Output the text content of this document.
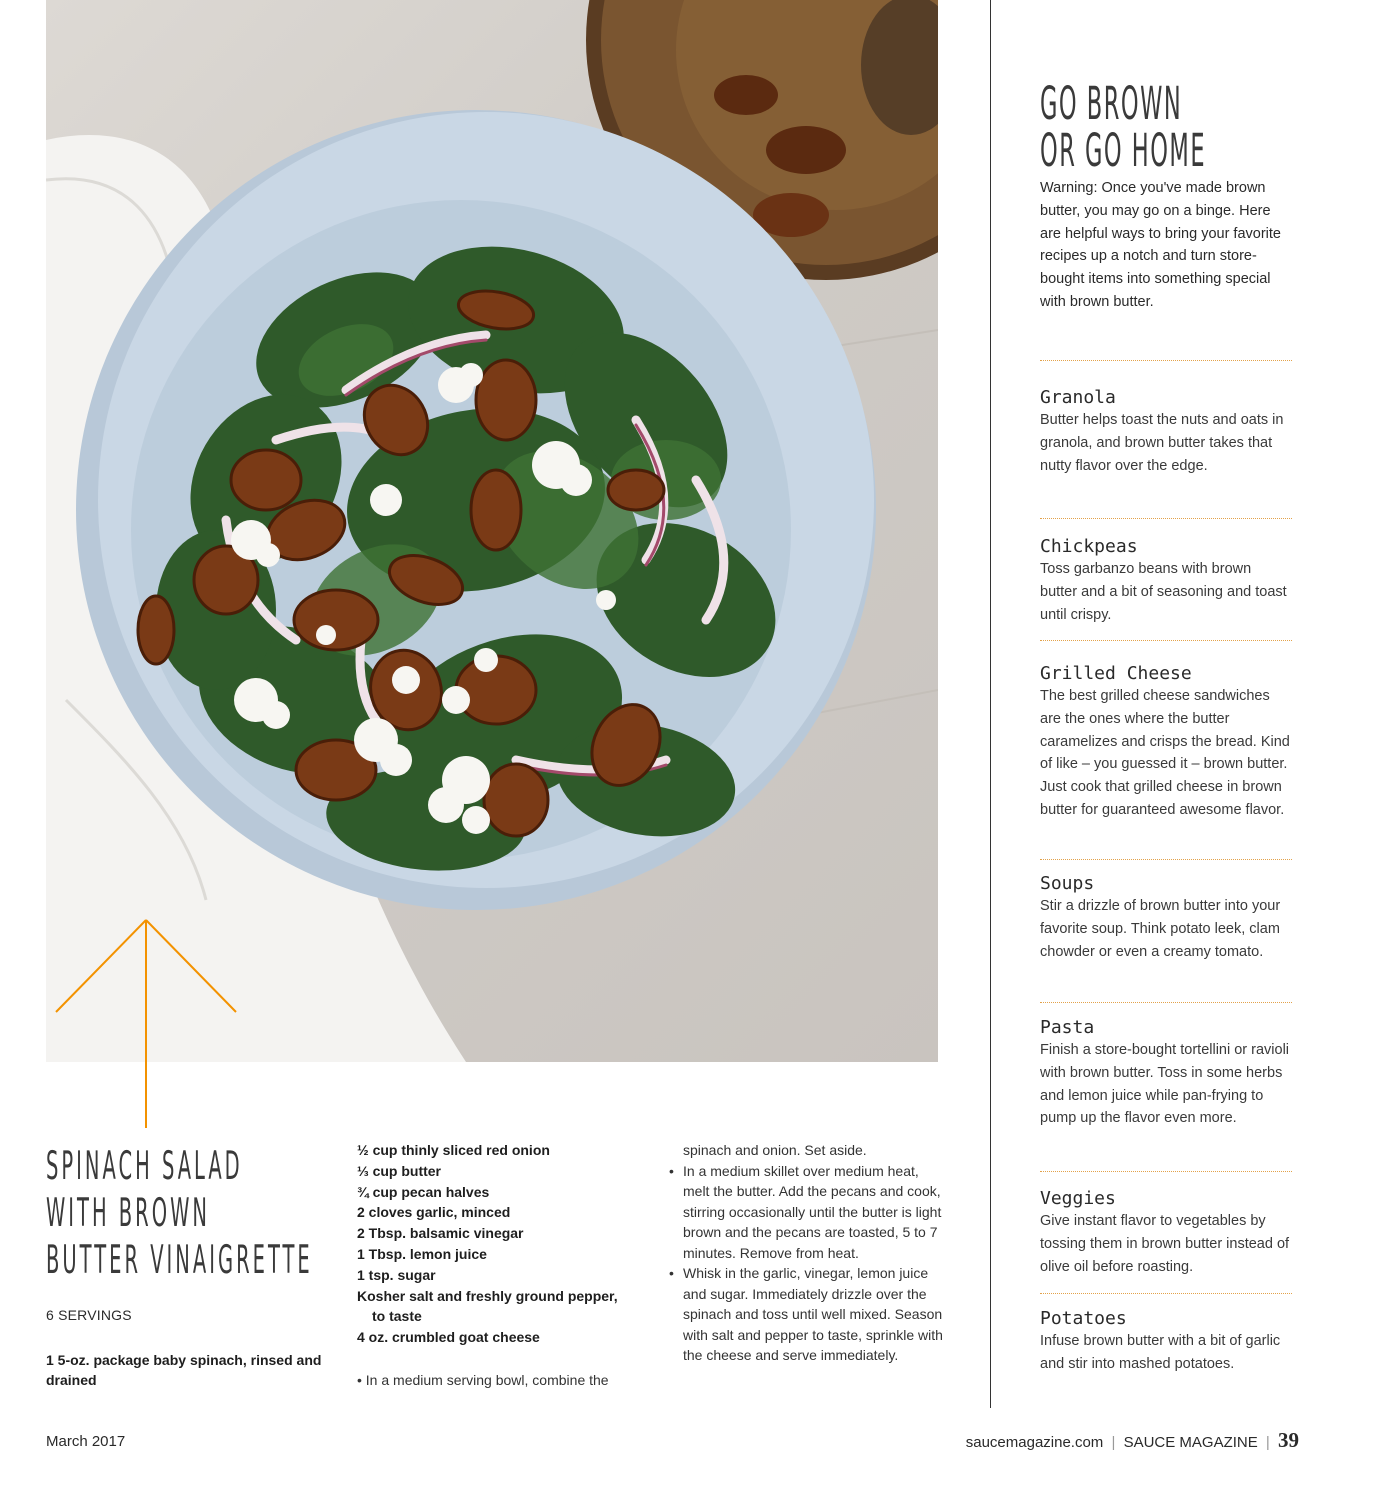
SPINACH SALAD
WITH BROWN
BUTTER VINAIGRETTE
6 SERVINGS
1 5-oz. package baby spinach, rinsed and drained
½ cup thinly sliced red onion
⅓ cup butter
¾ cup pecan halves
2 cloves garlic, minced
2 Tbsp. balsamic vinegar
1 Tbsp. lemon juice
1 tsp. sugar
Kosher salt and freshly ground pepper,
to taste
4 oz. crumbled goat cheese
• In a medium serving bowl, combine the
spinach and onion. Set aside.
• In a medium skillet over medium heat, melt the butter. Add the pecans and cook, stirring occasionally until the butter is light brown and the pecans are toasted, 5 to 7 minutes. Remove from heat.
• Whisk in the garlic, vinegar, lemon juice and sugar. Immediately drizzle over the spinach and toss until well mixed. Season with salt and pepper to taste, sprinkle with the cheese and serve immediately.
GO BROWN
OR GO HOME

Warning: Once you've made brown butter, you may go on a binge. Here are helpful ways to bring your favorite recipes up a notch and turn store-bought items into something special with brown butter.

Granola

Butter helps toast the nuts and oats in granola, and brown butter takes that nutty flavor over the edge.

Chickpeas

Toss garbanzo beans with brown butter and a bit of seasoning and toast until crispy.

Grilled Cheese

The best grilled cheese sandwiches are the ones where the butter caramelizes and crisps the bread. Kind of like – you guessed it – brown butter. Just cook that grilled cheese in brown butter for guaranteed awesome flavor.

Soups

Stir a drizzle of brown butter into your favorite soup. Think potato leek, clam chowder or even a creamy tomato.

Pasta

Finish a store-bought tortellini or ravioli with brown butter. Toss in some herbs and lemon juice while pan-frying to pump up the flavor even more.

Veggies

Give instant flavor to vegetables by tossing them in brown butter instead of olive oil before roasting.

Potatoes

Infuse brown butter with a bit of garlic and stir into mashed potatoes.

March 2017	saucemagazine.com | SAUCE MAGAZINE | 39
